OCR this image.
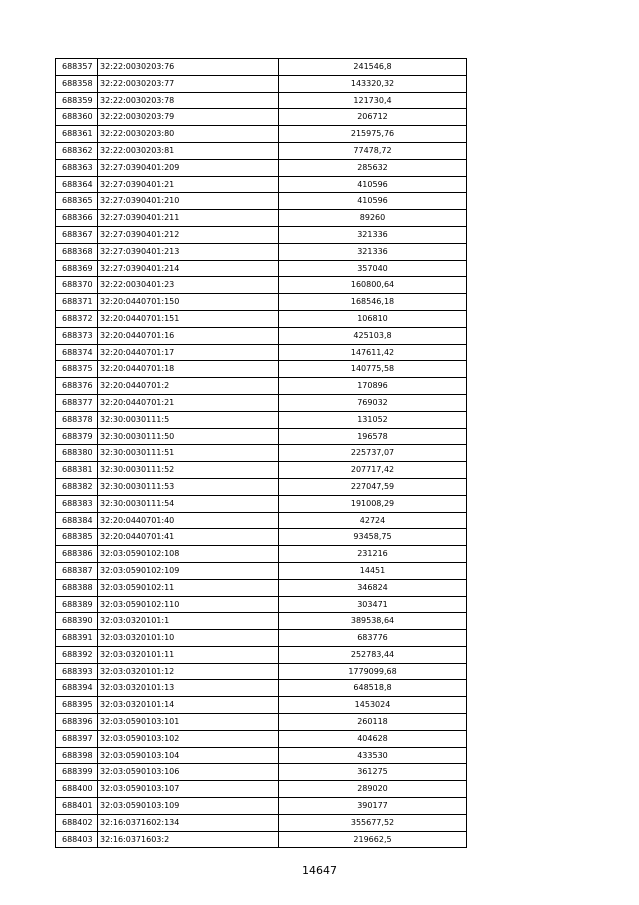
688357	32:22:0030203:76	241546,8
688358	32:22:0030203:77	143320,32
688359	32:22:0030203:78	121730,4
688360	32:22:0030203:79	206712
688361	32:22:0030203:80	215975,76
688362	32:22:0030203:81	77478,72
688363	32:27:0390401:209	285632
688364	32:27:0390401:21	410596
688365	32:27:0390401:210	410596
688366	32:27:0390401:211	89260
688367	32:27:0390401:212	321336
688368	32:27:0390401:213	321336
688369	32:27:0390401:214	357040
688370	32:22:0030401:23	160800,64
688371	32:20:0440701:150	168546,18
688372	32:20:0440701:151	106810
688373	32:20:0440701:16	425103,8
688374	32:20:0440701:17	147611,42
688375	32:20:0440701:18	140775,58
688376	32:20:0440701:2	170896
688377	32:20:0440701:21	769032
688378	32:30:0030111:5	131052
688379	32:30:0030111:50	196578
688380	32:30:0030111:51	225737,07
688381	32:30:0030111:52	207717,42
688382	32:30:0030111:53	227047,59
688383	32:30:0030111:54	191008,29
688384	32:20:0440701:40	42724
688385	32:20:0440701:41	93458,75
688386	32:03:0590102:108	231216
688387	32:03:0590102:109	14451
688388	32:03:0590102:11	346824
688389	32:03:0590102:110	303471
688390	32:03:0320101:1	389538,64
688391	32:03:0320101:10	683776
688392	32:03:0320101:11	252783,44
688393	32:03:0320101:12	1779099,68
688394	32:03:0320101:13	648518,8
688395	32:03:0320101:14	1453024
688396	32:03:0590103:101	260118
688397	32:03:0590103:102	404628
688398	32:03:0590103:104	433530
688399	32:03:0590103:106	361275
688400	32:03:0590103:107	289020
688401	32:03:0590103:109	390177
688402	32:16:0371602:134	355677,52
688403	32:16:0371603:2	219662,5
14647
